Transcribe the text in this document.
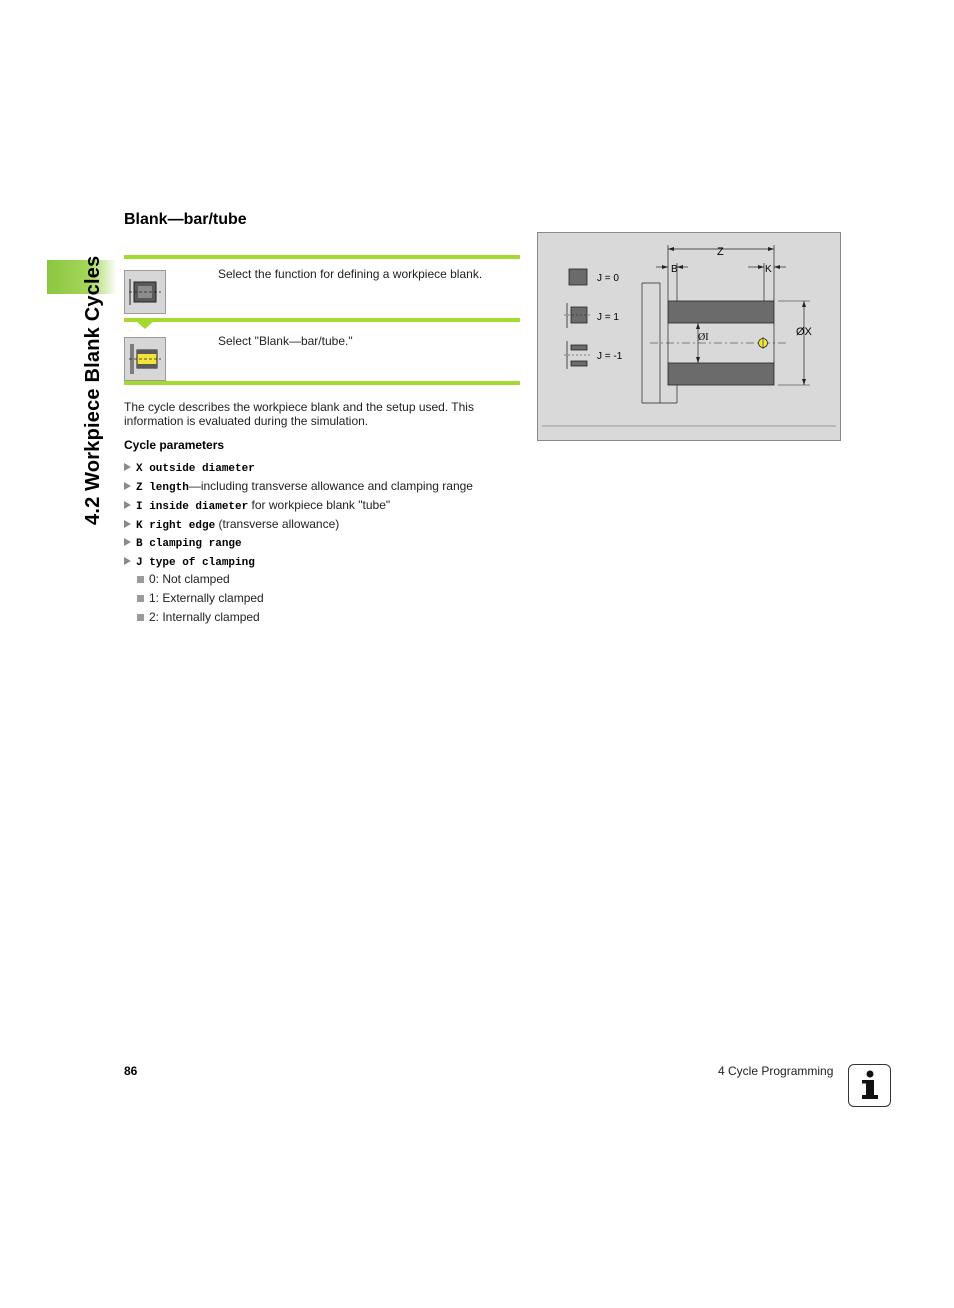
4.2 Workpiece Blank Cycles
Blank—bar/tube
Select the function for defining a workpiece blank.
Select "Blank—bar/tube."
The cycle describes the workpiece blank and the setup used. This information is evaluated during the simulation.
Cycle parameters
X outside diameter
Z length—including transverse allowance and clamping range
I inside diameter for workpiece blank "tube"
K right edge (transverse allowance)
B clamping range
J type of clamping
0: Not clamped
1: Externally clamped
2: Internally clamped
J = 0
J = 1
J = -1
Z
B	K
ØI	ØX
86	4 Cycle Programming
